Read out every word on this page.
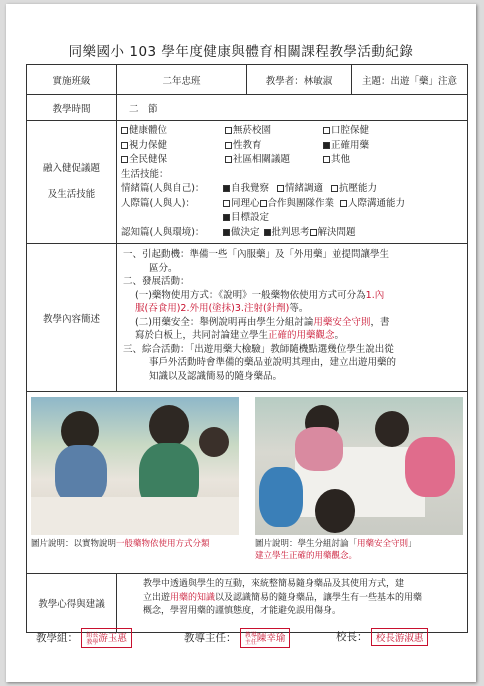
同樂國小 103 學年度健康與體育相關課程教學活動紀錄
實施班級	二年忠班	教學者：林敏淑	主題：出遊「藥」注意
教學時間	二　節
融入健促議題
及生活技能
健康體位	無菸校園	口腔保健
視力保健	性教育	正確用藥
全民健保	社區相關議題	其他
生活技能：
情緒篇(人與自己)：	自我覺察	情緒調適	抗壓能力
人際篇(人與人)：	同理心 合作與團隊作業	人際溝通能力
目標設定
認知篇(人與環境)：	做決定	批判思考 解決問題
教學內容簡述

一、引起動機：準備一些「內服藥」及「外用藥」並提問讓學生

區分。

二、發展活動：

(一)藥物使用方式：《說明》一般藥物依使用方式可分為1.內

服(吞食用)2.外用(塗抹)3.注射(針劑)等。

(二)用藥安全：舉例說明再由學生分組討論用藥安全守則，書

寫於白板上，共同討論建立學生正確的用藥觀念。

三、綜合活動：「出遊用藥大檢驗」教師隨機點選幾位學生說出從

事戶外活動時會準備的藥品並說明其理由，建立出遊用藥的

知識以及認識簡易的隨身藥品。

圖片說明：以實物說明一般藥物依使用方式分類	圖片說明：學生分組討論「用藥安全守則」
建立學生正確的用藥觀念。
教學心得與建議
教學中透過與學生的互動，來統整簡易隨身藥品及其使用方式，建
立出遊用藥的知識以及認識簡易的隨身藥品，讓學生有一些基本的用藥
概念，學習用藥的謹慎態度，才能避免誤用傷身。
教學組： 組長教學游玉惠	教導主任： 教導主任陳幸瑜	校長： 校長游淑惠
